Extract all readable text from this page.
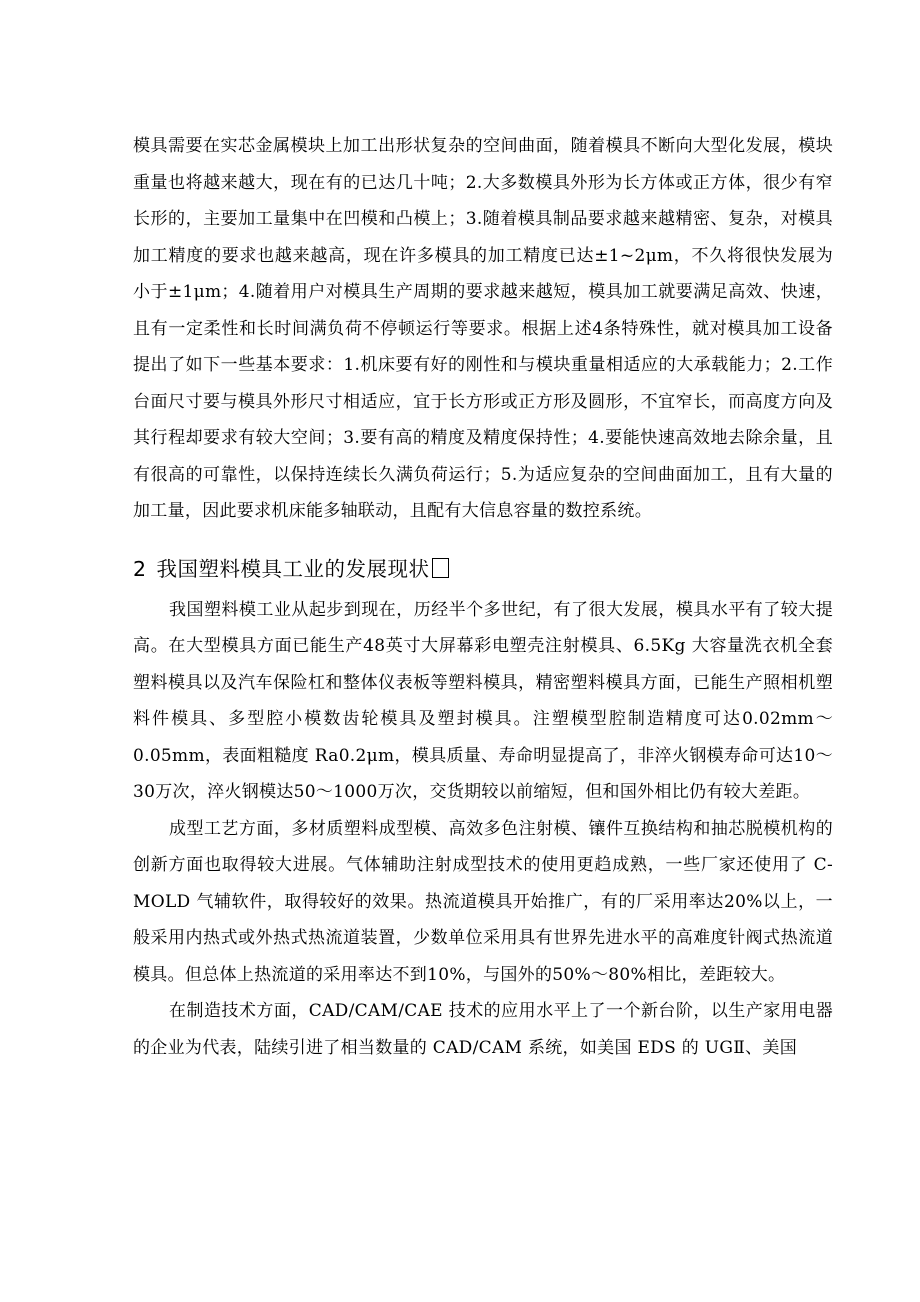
模具需要在实芯金属模块上加工出形状复杂的空间曲面，随着模具不断向大型化发展，模块重量也将越来越大，现在有的已达几十吨；2.大多数模具外形为长方体或正方体，很少有窄长形的，主要加工量集中在凹模和凸模上；3.随着模具制品要求越来越精密、复杂，对模具加工精度的要求也越来越高，现在许多模具的加工精度已达±1~2μm，不久将很快发展为小于±1μm；4.随着用户对模具生产周期的要求越来越短，模具加工就要满足高效、快速，且有一定柔性和长时间满负荷不停顿运行等要求。根据上述4条特殊性，就对模具加工设备提出了如下一些基本要求：1.机床要有好的刚性和与模块重量相适应的大承载能力；2.工作台面尺寸要与模具外形尺寸相适应，宜于长方形或正方形及圆形，不宜窄长，而高度方向及其行程却要求有较大空间；3.要有高的精度及精度保持性；4.要能快速高效地去除余量，且有很高的可靠性，以保持连续长久满负荷运行；5.为适应复杂的空间曲面加工，且有大量的加工量，因此要求机床能多轴联动，且配有大信息容量的数控系统。

2 我国塑料模具工业的发展现状

我国塑料模工业从起步到现在，历经半个多世纪，有了很大发展，模具水平有了较大提高。在大型模具方面已能生产48英寸大屏幕彩电塑壳注射模具、6.5Kg 大容量洗衣机全套塑料模具以及汽车保险杠和整体仪表板等塑料模具，精密塑料模具方面，已能生产照相机塑料件模具、多型腔小模数齿轮模具及塑封模具。注塑模型腔制造精度可达0.02mm～0.05mm，表面粗糙度 Ra0.2μm，模具质量、寿命明显提高了，非淬火钢模寿命可达10～30万次，淬火钢模达50～1000万次，交货期较以前缩短，但和国外相比仍有较大差距。

成型工艺方面，多材质塑料成型模、高效多色注射模、镶件互换结构和抽芯脱模机构的创新方面也取得较大进展。气体辅助注射成型技术的使用更趋成熟，一些厂家还使用了 C-MOLD 气辅软件，取得较好的效果。热流道模具开始推广，有的厂采用率达20%以上，一般采用内热式或外热式热流道装置，少数单位采用具有世界先进水平的高难度针阀式热流道模具。但总体上热流道的采用率达不到10%，与国外的50%～80%相比，差距较大。

在制造技术方面，CAD/CAM/CAE 技术的应用水平上了一个新台阶，以生产家用电器的企业为代表，陆续引进了相当数量的 CAD/CAM 系统，如美国 EDS 的 UGⅡ、美国
